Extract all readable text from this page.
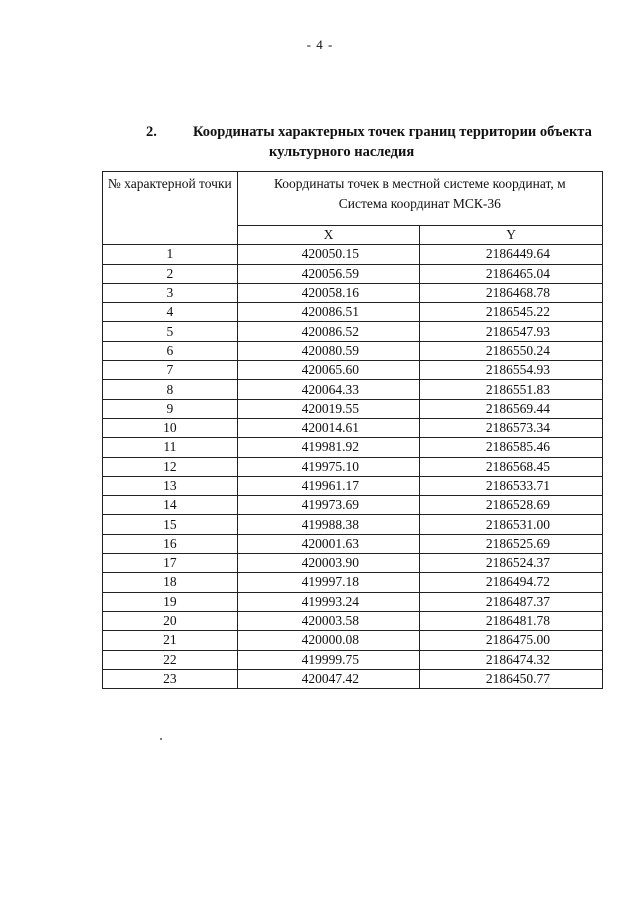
- 4 -
2. Координаты характерных точек границ территории объекта
культурного наследия
№ характерной точки	Координаты точек в местной системе координат, м
Система координат МСК-36	

	X	Y
1	420050.15	2186449.64
2	420056.59	2186465.04
3	420058.16	2186468.78
4	420086.51	2186545.22
5	420086.52	2186547.93
6	420080.59	2186550.24
7	420065.60	2186554.93
8	420064.33	2186551.83
9	420019.55	2186569.44
10	420014.61	2186573.34
11	419981.92	2186585.46
12	419975.10	2186568.45
13	419961.17	2186533.71
14	419973.69	2186528.69
15	419988.38	2186531.00
16	420001.63	2186525.69
17	420003.90	2186524.37
18	419997.18	2186494.72
19	419993.24	2186487.37
20	420003.58	2186481.78
21	420000.08	2186475.00
22	419999.75	2186474.32
23	420047.42	2186450.77
